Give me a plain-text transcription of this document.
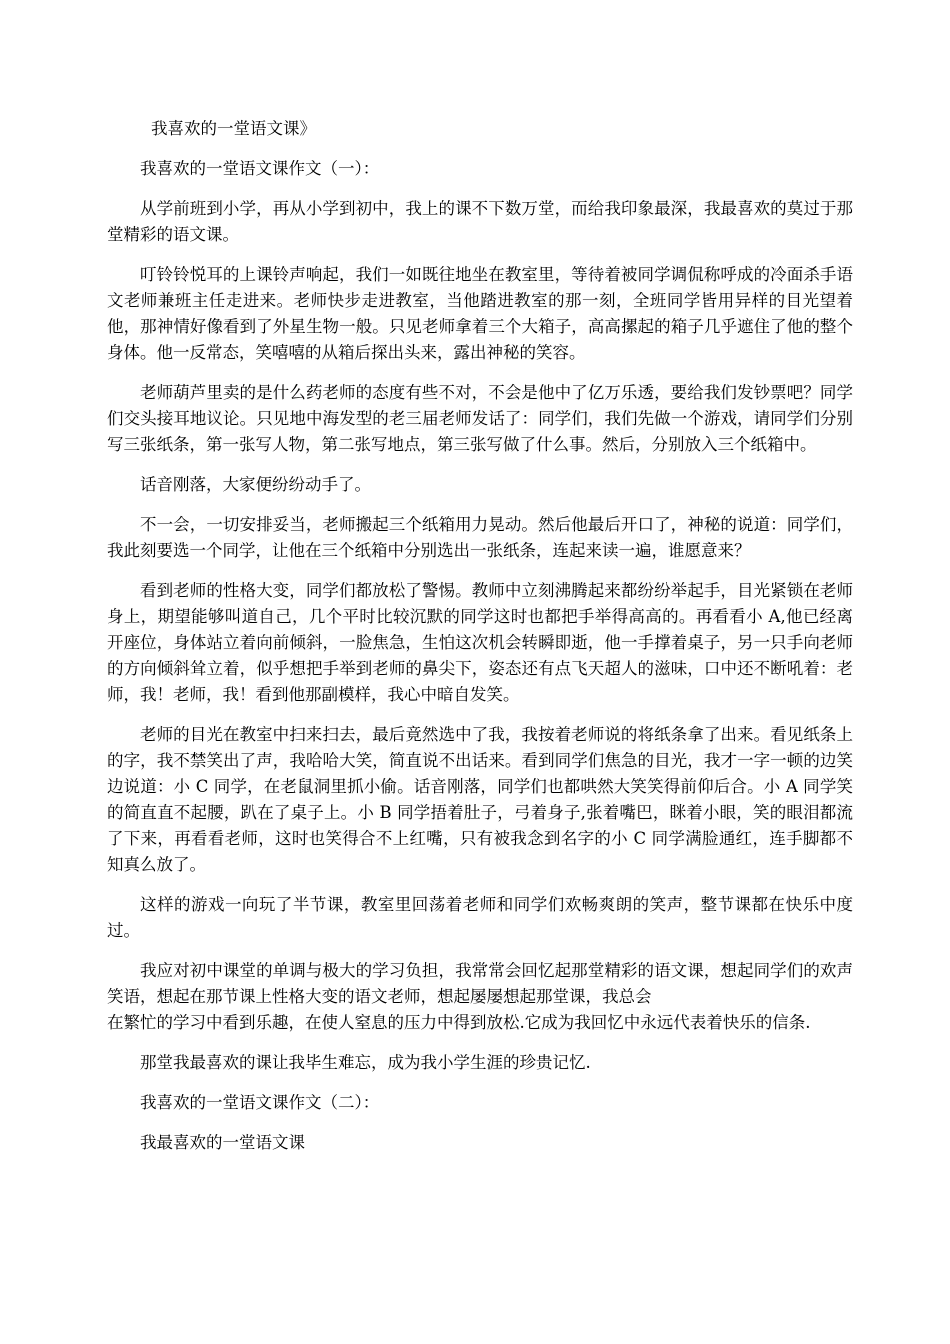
我喜欢的一堂语文课》

我喜欢的一堂语文课作文（一）：

从学前班到小学，再从小学到初中，我上的课不下数万堂，而给我印象最深，我最喜欢的莫过于那堂精彩的语文课。

叮铃铃悦耳的上课铃声响起，我们一如既往地坐在教室里，等待着被同学调侃称呼成的冷面杀手语文老师兼班主任走进来。老师快步走进教室，当他踏进教室的那一刻，全班同学皆用异样的目光望着他，那神情好像看到了外星生物一般。只见老师拿着三个大箱子，高高摞起的箱子几乎遮住了他的整个身体。他一反常态，笑嘻嘻的从箱后探出头来，露出神秘的笑容。

老师葫芦里卖的是什么药老师的态度有些不对，不会是他中了亿万乐透，要给我们发钞票吧？同学们交头接耳地议论。只见地中海发型的老三届老师发话了：同学们，我们先做一个游戏，请同学们分别写三张纸条，第一张写人物，第二张写地点，第三张写做了什么事。然后，分别放入三个纸箱中。

话音刚落，大家便纷纷动手了。

不一会，一切安排妥当，老师搬起三个纸箱用力晃动。然后他最后开口了，神秘的说道：同学们，我此刻要选一个同学，让他在三个纸箱中分别选出一张纸条，连起来读一遍，谁愿意来？

看到老师的性格大变，同学们都放松了警惕。教师中立刻沸腾起来都纷纷举起手，目光紧锁在老师身上，期望能够叫道自己，几个平时比较沉默的同学这时也都把手举得高高的。再看看小 A,他已经离开座位，身体站立着向前倾斜，一脸焦急，生怕这次机会转瞬即逝，他一手撑着桌子，另一只手向老师的方向倾斜耸立着，似乎想把手举到老师的鼻尖下，姿态还有点飞天超人的滋味，口中还不断吼着：老师，我！老师，我！看到他那副模样，我心中暗自发笑。

老师的目光在教室中扫来扫去，最后竟然选中了我，我按着老师说的将纸条拿了出来。看见纸条上的字，我不禁笑出了声，我哈哈大笑，简直说不出话来。看到同学们焦急的目光，我才一字一顿的边笑边说道：小 C 同学，在老鼠洞里抓小偷。话音刚落，同学们也都哄然大笑笑得前仰后合。小 A 同学笑的简直直不起腰，趴在了桌子上。小 B 同学捂着肚子，弓着身子,张着嘴巴，眯着小眼，笑的眼泪都流了下来，再看看老师，这时也笑得合不上红嘴，只有被我念到名字的小 C 同学满脸通红，连手脚都不知真么放了。

这样的游戏一向玩了半节课，教室里回荡着老师和同学们欢畅爽朗的笑声，整节课都在快乐中度过。

我应对初中课堂的单调与极大的学习负担，我常常会回忆起那堂精彩的语文课，想起同学们的欢声笑语，想起在那节课上性格大变的语文老师，想起屡屡想起那堂课，我总会

在繁忙的学习中看到乐趣，在使人窒息的压力中得到放松.它成为我回忆中永远代表着快乐的信条.

那堂我最喜欢的课让我毕生难忘，成为我小学生涯的珍贵记忆.

我喜欢的一堂语文课作文（二）：

我最喜欢的一堂语文课
